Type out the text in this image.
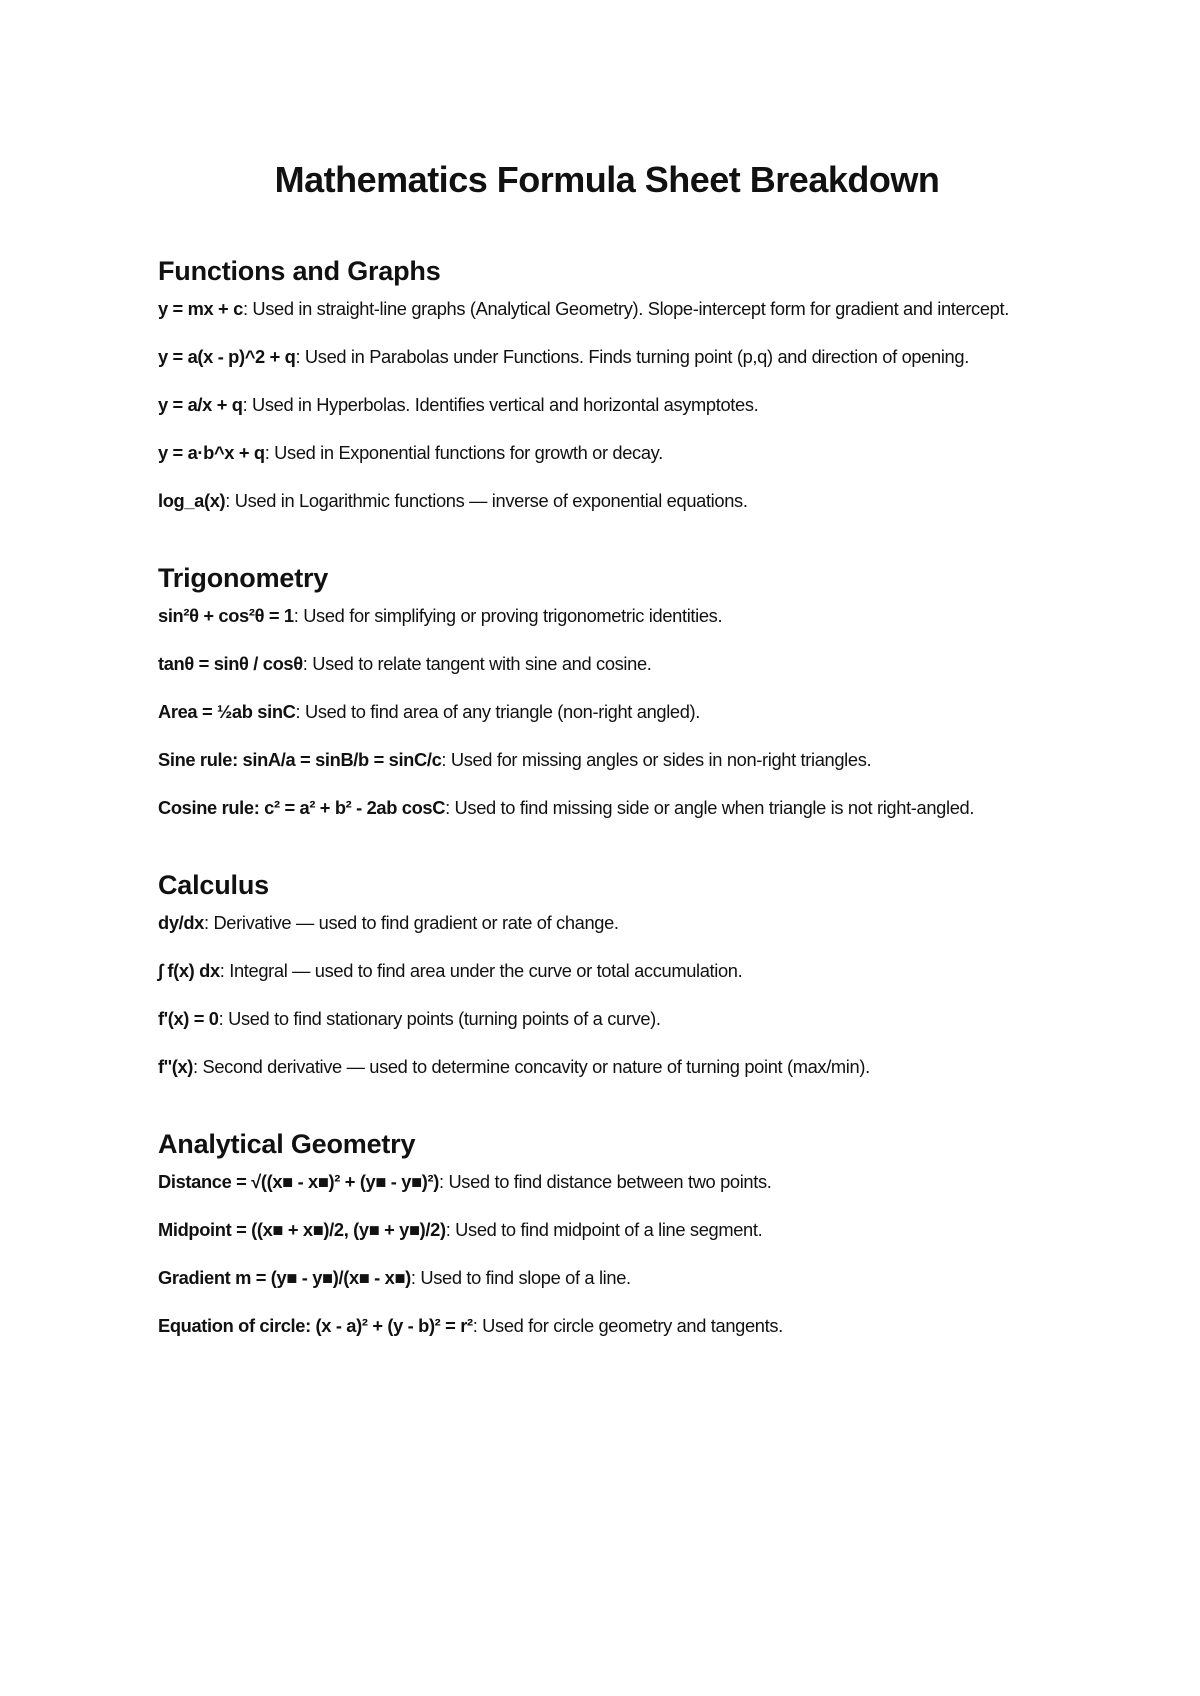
Mathematics Formula Sheet Breakdown
Functions and Graphs

y = mx + c: Used in straight-line graphs (Analytical Geometry). Slope-intercept form for gradient and intercept.

y = a(x - p)^2 + q: Used in Parabolas under Functions. Finds turning point (p,q) and direction of opening.

y = a/x + q: Used in Hyperbolas. Identifies vertical and horizontal asymptotes.

y = a·b^x + q: Used in Exponential functions for growth or decay.

log_a(x): Used in Logarithmic functions — inverse of exponential equations.

Trigonometry

sin²θ + cos²θ = 1: Used for simplifying or proving trigonometric identities.

tanθ = sinθ / cosθ: Used to relate tangent with sine and cosine.

Area = ½ab sinC: Used to find area of any triangle (non-right angled).

Sine rule: sinA/a = sinB/b = sinC/c: Used for missing angles or sides in non-right triangles.

Cosine rule: c² = a² + b² - 2ab cosC: Used to find missing side or angle when triangle is not right-angled.

Calculus

dy/dx: Derivative — used to find gradient or rate of change.

∫ f(x) dx: Integral — used to find area under the curve or total accumulation.

f'(x) = 0: Used to find stationary points (turning points of a curve).

f''(x): Second derivative — used to determine concavity or nature of turning point (max/min).

Analytical Geometry

Distance = √((x■ - x■)² + (y■ - y■)²): Used to find distance between two points.

Midpoint = ((x■ + x■)/2, (y■ + y■)/2): Used to find midpoint of a line segment.

Gradient m = (y■ - y■)/(x■ - x■): Used to find slope of a line.

Equation of circle: (x - a)² + (y - b)² = r²: Used for circle geometry and tangents.
